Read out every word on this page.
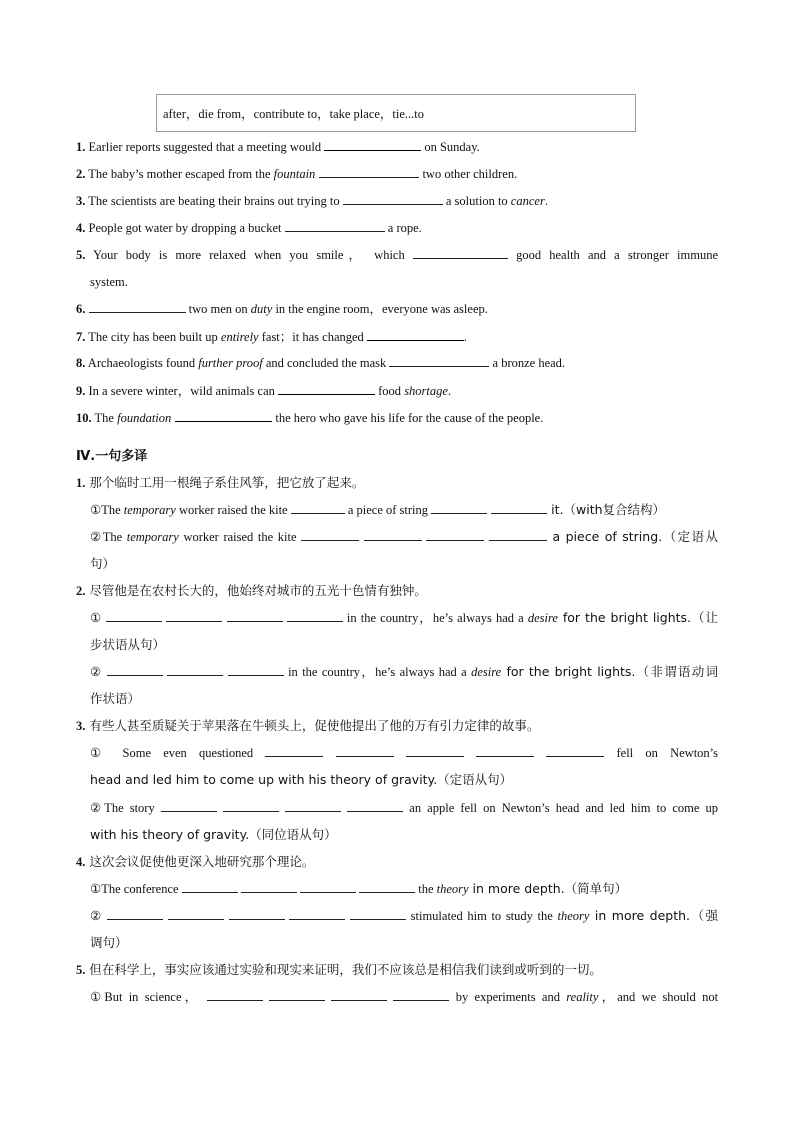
after，die from，contribute to，take place，tie...to
1. Earlier reports suggested that a meeting would	on Sunday.
2. The baby’s mother escaped from the fountain	two other children.
3. The scientists are beating their brains out trying to	a solution to cancer.
4. People got water by dropping a bucket	a rope.
5. Your body is more relaxed when you smile， which	good health and a stronger immune
system.
6.	two men on duty in the engine room，everyone was asleep.
7. The city has been built up entirely fast；it has changed	.
8. Archaeologists found further proof and concluded the mask	a bronze head.
9. In a severe winter，wild animals can	food shortage.
10. The foundation	the hero who gave his life for the cause of the people.
Ⅳ.一句多译
1. 那个临时工用一根绳子系住风筝，把它放了起来。
①The temporary worker raised the kite	a piece of string	it.（with复合结构）
②The temporary worker raised the kite	a piece of string.（定语从
句）
2. 尽管他是在农村长大的，他始终对城市的五光十色情有独钟。
①	in the country，he’s always had a desire for the bright lights.（让
步状语从句）
②	in the country，he’s always had a desire for the bright lights.（非谓语动词
作状语）
3. 有些人甚至质疑关于苹果落在牛顿头上，促使他提出了他的万有引力定律的故事。
① Some even questioned	fell on Newton’s
head and led him to come up with his theory of gravity.（定语从句）
②The story	an apple fell on Newton’s head and led him to come up
with his theory of gravity.（同位语从句）
4. 这次会议促使他更深入地研究那个理论。
①The conference	the theory in more depth.（简单句）
②	stimulated him to study the theory in more depth.（强
调句）
5. 但在科学上，事实应该通过实验和现实来证明，我们不应该总是相信我们读到或听到的一切。
①But in science，	by experiments and reality，and we should not
